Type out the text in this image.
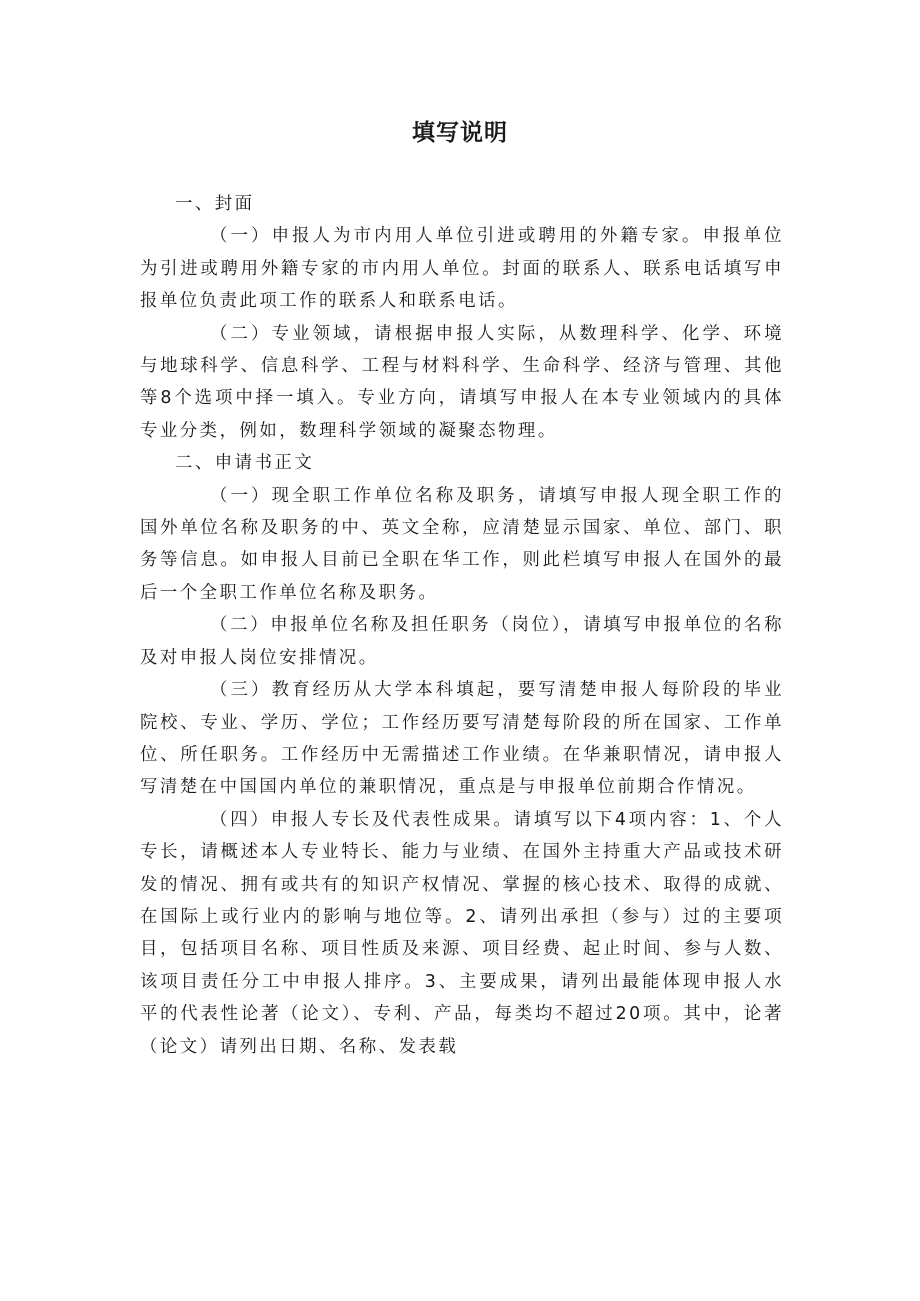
填写说明

一、封面

（一）申报人为市内用人单位引进或聘用的外籍专家。申报单位为引进或聘用外籍专家的市内用人单位。封面的联系人、联系电话填写申报单位负责此项工作的联系人和联系电话。

（二）专业领域，请根据申报人实际，从数理科学、化学、环境与地球科学、信息科学、工程与材料科学、生命科学、经济与管理、其他等8个选项中择一填入。专业方向，请填写申报人在本专业领域内的具体专业分类，例如，数理科学领域的凝聚态物理。

二、申请书正文

（一）现全职工作单位名称及职务，请填写申报人现全职工作的国外单位名称及职务的中、英文全称，应清楚显示国家、单位、部门、职务等信息。如申报人目前已全职在华工作，则此栏填写申报人在国外的最后一个全职工作单位名称及职务。

（二）申报单位名称及担任职务（岗位），请填写申报单位的名称及对申报人岗位安排情况。

（三）教育经历从大学本科填起，要写清楚申报人每阶段的毕业院校、专业、学历、学位；工作经历要写清楚每阶段的所在国家、工作单位、所任职务。工作经历中无需描述工作业绩。在华兼职情况，请申报人写清楚在中国国内单位的兼职情况，重点是与申报单位前期合作情况。

（四）申报人专长及代表性成果。请填写以下4项内容：1、个人专长，请概述本人专业特长、能力与业绩、在国外主持重大产品或技术研发的情况、拥有或共有的知识产权情况、掌握的核心技术、取得的成就、在国际上或行业内的影响与地位等。2、请列出承担（参与）过的主要项目，包括项目名称、项目性质及来源、项目经费、起止时间、参与人数、该项目责任分工中申报人排序。3、主要成果，请列出最能体现申报人水平的代表性论著（论文）、专利、产品，每类均不超过20项。其中，论著（论文）请列出日期、名称、发表载
